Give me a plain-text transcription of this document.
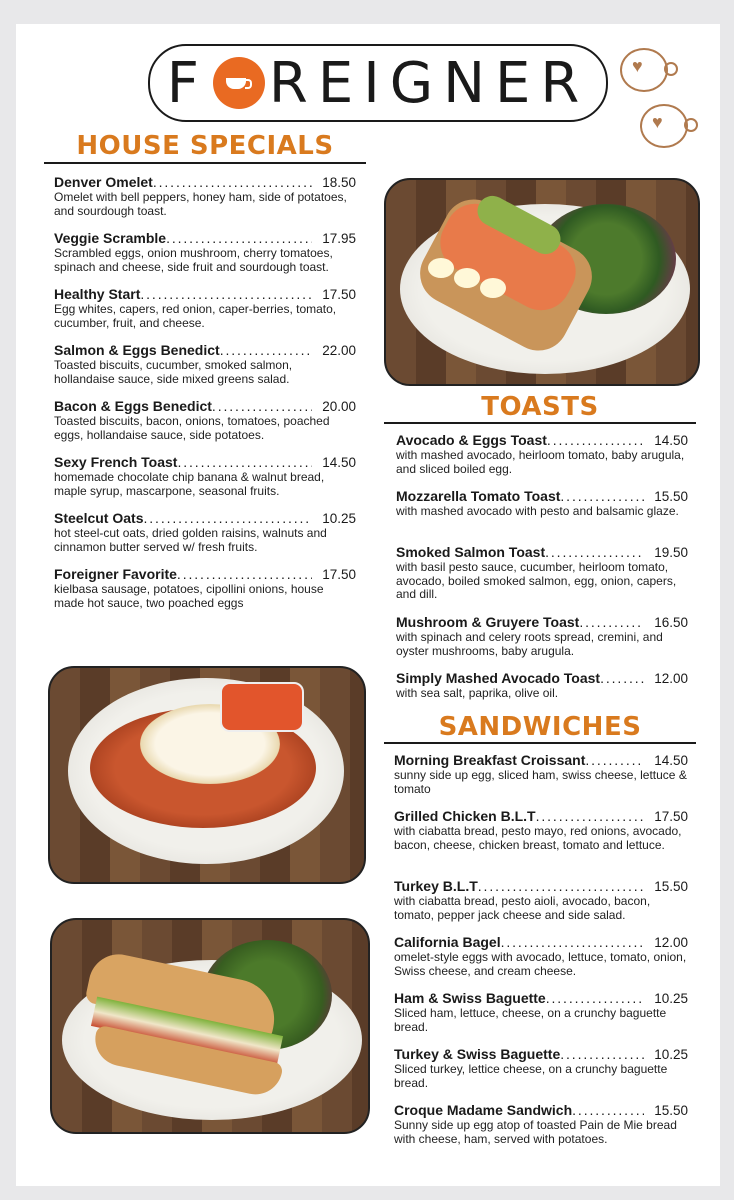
F REIGNER ♥
♥
HOUSE SPECIALS
Denver Omelet . . .	18.50
Omelet with bell peppers, honey ham, side of potatoes, and sourdough toast.
Veggie Scramble . . .	17.95
Scrambled eggs, onion mushroom, cherry tomatoes, spinach and cheese, side fruit and sourdough toast.
Healthy Start . . .	17.50
Egg whites, capers, red onion, caper-berries, tomato, cucumber, fruit, and cheese.
Salmon & Eggs Benedict . . .	22.00
Toasted biscuits, cucumber, smoked salmon, hollandaise sauce, side mixed greens salad.
Bacon & Eggs Benedict . . .	20.00
Toasted biscuits, bacon, onions, tomatoes, poached eggs, hollandaise sauce, side potatoes.
Sexy French Toast . . .	14.50
homemade chocolate chip banana & walnut bread, maple syrup, mascarpone, seasonal fruits.
Steelcut Oats . . .	10.25
hot steel-cut oats, dried golden raisins, walnuts and cinnamon butter served w/ fresh fruits.
Foreigner Favorite . . .	17.50
kielbasa sausage, potatoes, cipollini onions, house made hot sauce, two poached eggs
TOASTS
Avocado & Eggs Toast . . .	14.50
with mashed avocado, heirloom tomato, baby arugula, and sliced boiled egg.
Mozzarella Tomato Toast . . .	15.50
with mashed avocado with pesto and balsamic glaze.
Smoked Salmon Toast . . .	19.50
with basil pesto sauce, cucumber, heirloom tomato, avocado, boiled smoked salmon, egg, onion, capers, and dill.
Mushroom & Gruyere Toast . . .	16.50
with spinach and celery roots spread, cremini, and oyster mushrooms, baby arugula.
Simply Mashed Avocado Toast . . .	12.00
with sea salt, paprika, olive oil.
SANDWICHES
Morning Breakfast Croissant . . .	14.50
sunny side up egg, sliced ham, swiss cheese, lettuce & tomato
Grilled Chicken B.L.T . . .	17.50
with ciabatta bread, pesto mayo, red onions, avocado, bacon, cheese, chicken breast, tomato and lettuce.
Turkey B.L.T . . .	15.50
with ciabatta bread, pesto aioli, avocado, bacon, tomato, pepper jack cheese and side salad.
California Bagel . . .	12.00
omelet-style eggs with avocado, lettuce, tomato, onion, Swiss cheese, and cream cheese.
Ham & Swiss Baguette . . .	10.25
Sliced ham, lettuce, cheese, on a crunchy baguette bread.
Turkey & Swiss Baguette . . .	10.25
Sliced turkey, lettice cheese, on a crunchy baguette bread.
Croque Madame Sandwich . . .	15.50
Sunny side up egg atop of toasted Pain de Mie bread with cheese, ham, served with potatoes.
